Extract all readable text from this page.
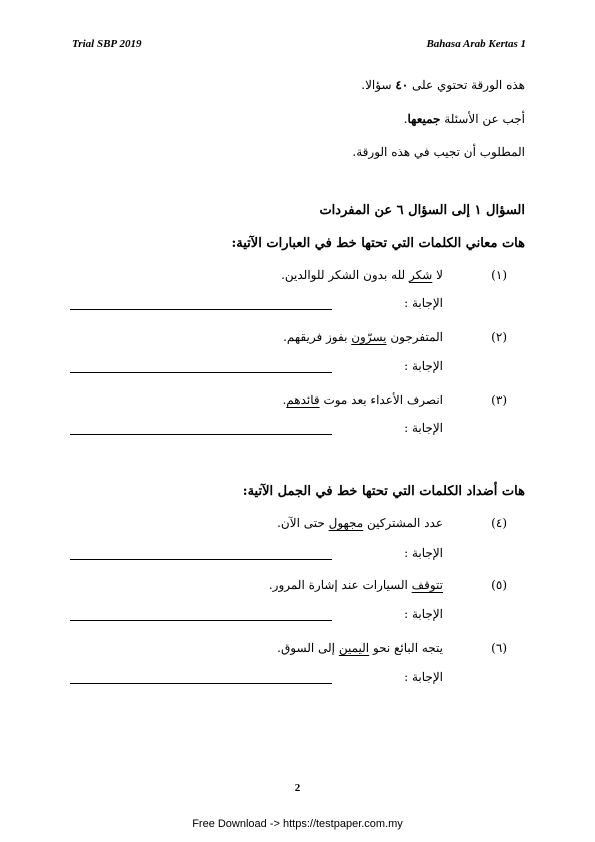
Trial SBP 2019	Bahasa Arab Kertas 1
هذه الورقة تحتوي على ٤٠ سؤالا.
أجب عن الأسئلة جميعها.
المطلوب أن تجيب في هذه الورقة.
السؤال ١ إلى السؤال ٦ عن المفردات
هات معاني الكلمات التي تحتها خط في العبارات الآتية:
(١)
لا شكر لله بدون الشكر للوالدين.
الإجابة :
(٢)
المتفرجون يسرّون بفوز فريقهم.
الإجابة :
(٣)
انصرف الأعداء بعد موت قائدهم.
الإجابة :
هات أضداد الكلمات التي تحتها خط في الجمل الآتية:
(٤)
عدد المشتركين مجهول حتى الآن.
الإجابة :
(٥)
تتوقف السيارات عند إشارة المرور.
الإجابة :
(٦)
يتجه البائع نحو اليمين إلى السوق.
الإجابة :
2
Free Download -> https://testpaper.com.my
